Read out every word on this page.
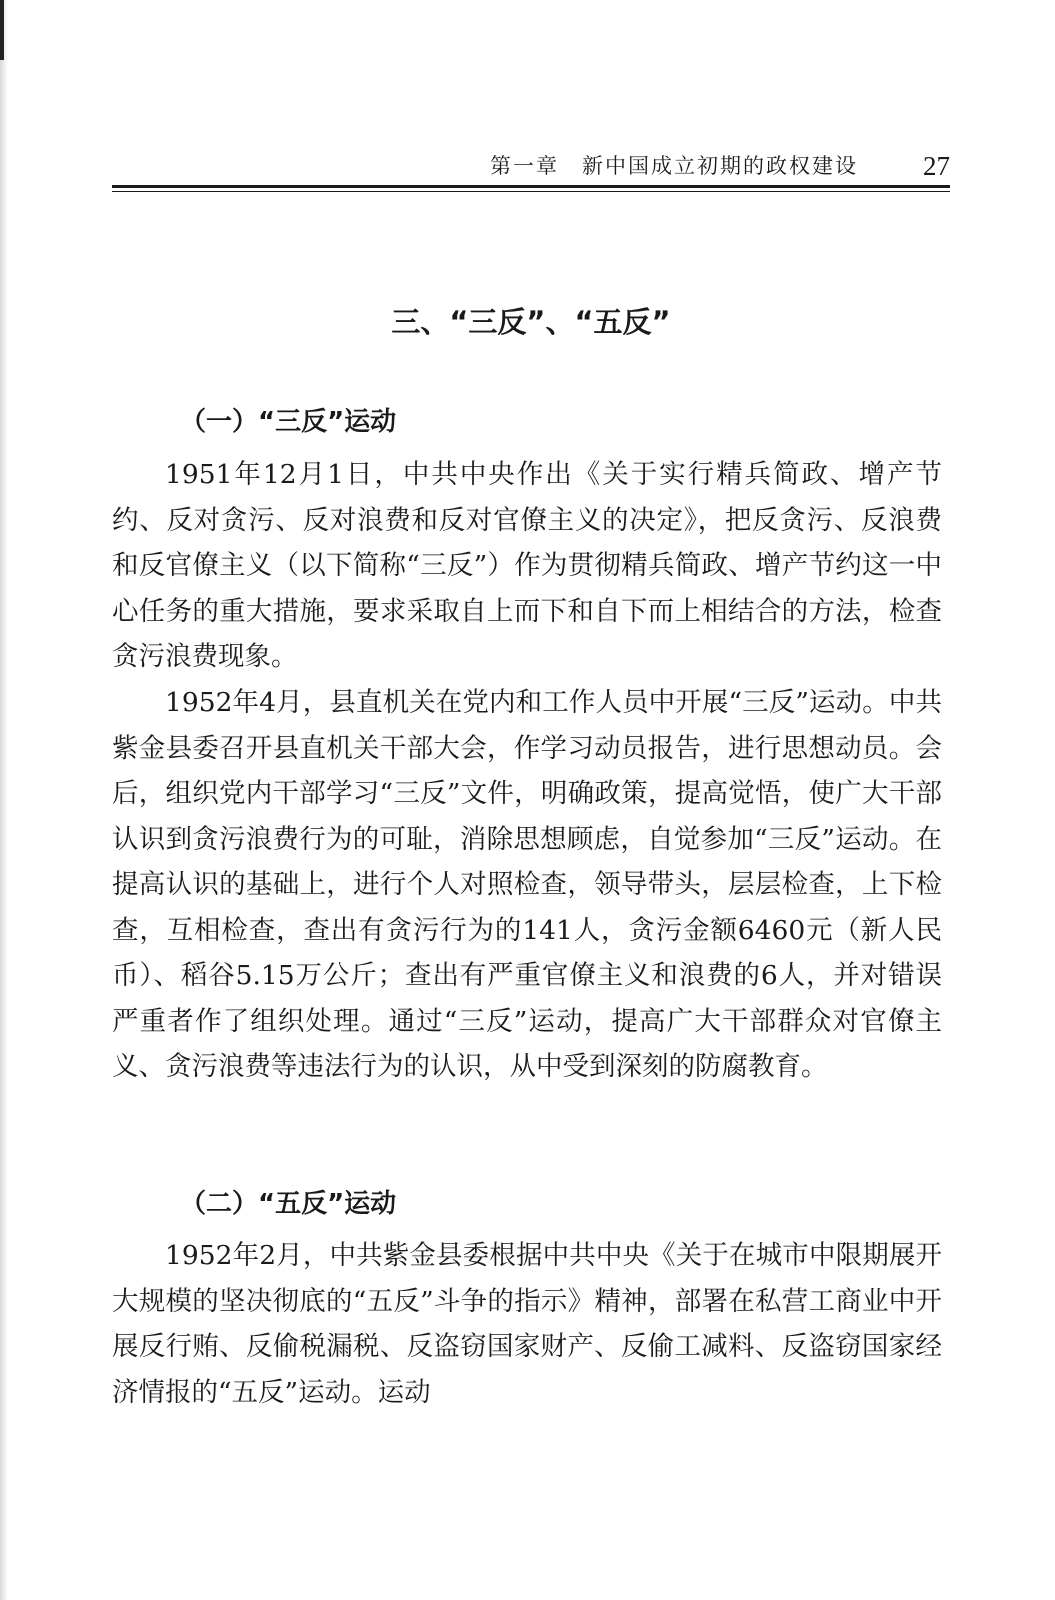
第一章　新中国成立初期的政权建设 27
三、“三反”、“五反”
（一）“三反”运动

1951年12月1日，中共中央作出《关于实行精兵简政、增产节约、反对贪污、反对浪费和反对官僚主义的决定》，把反贪污、反浪费和反官僚主义（以下简称“三反”）作为贯彻精兵简政、增产节约这一中心任务的重大措施，要求采取自上而下和自下而上相结合的方法，检查贪污浪费现象。

1952年4月，县直机关在党内和工作人员中开展“三反”运动。中共紫金县委召开县直机关干部大会，作学习动员报告，进行思想动员。会后，组织党内干部学习“三反”文件，明确政策，提高觉悟，使广大干部认识到贪污浪费行为的可耻，消除思想顾虑，自觉参加“三反”运动。在提高认识的基础上，进行个人对照检查，领导带头，层层检查，上下检查，互相检查，查出有贪污行为的141人，贪污金额6460元（新人民币）、稻谷5.15万公斤；查出有严重官僚主义和浪费的6人，并对错误严重者作了组织处理。通过“三反”运动，提高广大干部群众对官僚主义、贪污浪费等违法行为的认识，从中受到深刻的防腐教育。

（二）“五反”运动

1952年2月，中共紫金县委根据中共中央《关于在城市中限期展开大规模的坚决彻底的“五反”斗争的指示》精神，部署在私营工商业中开展反行贿、反偷税漏税、反盗窃国家财产、反偷工减料、反盗窃国家经济情报的“五反”运动。运动
